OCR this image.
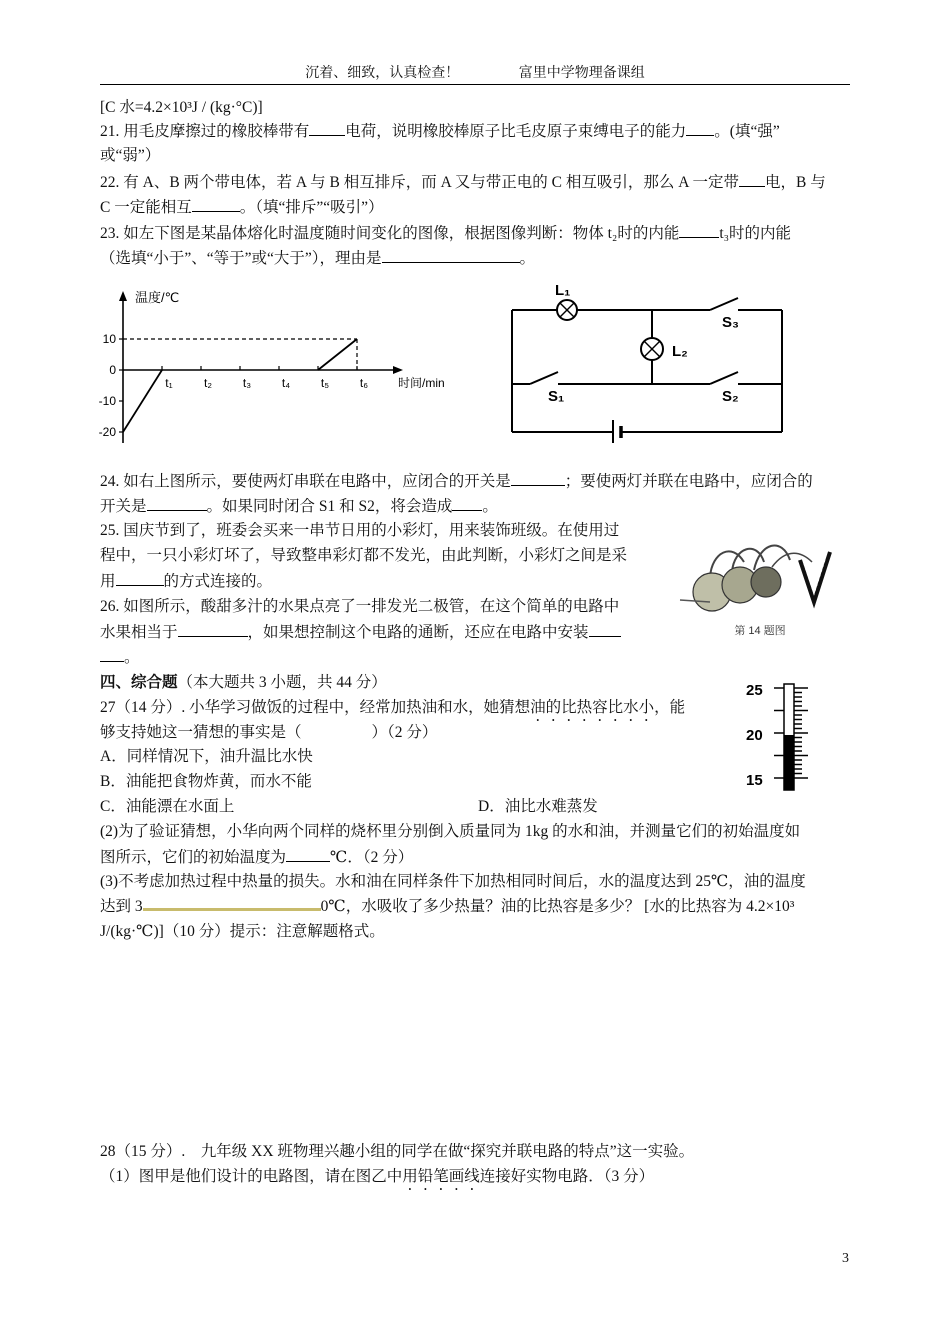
沉着、细致，认真检查！	富里中学物理备课组
[C 水=4.2×10³J / (kg·°C)]
21. 用毛皮摩擦过的橡胶棒带有 电荷，说明橡胶棒原子比毛皮原子束缚电子的能力 。(填“强”
或“弱”）
22. 有 A、B 两个带电体，若 A 与 B 相互排斥，而 A 又与带正电的 C 相互吸引，那么 A 一定带 电，B 与
C 一定能相互	。（填“排斥”“吸引”）
23. 如左下图是某晶体熔化时温度随时间变化的图像，根据图像判断：物体 t₂时的内能	t₃时的内能
（选填“小于”、“等于”或“大于”），理由是	。
温度/℃
时间/min
10
0
-10
-20
t₁	t₂	t₃	t₄	t₅	t₆
L₁
L₂
S₃
S₁	S₂
24. 如右上图所示，要使两灯串联在电路中，应闭合的开关是	；要使两灯并联在电路中，应闭合的
开关是	。如果同时闭合 S1 和 S2，将会造成 。
25. 国庆节到了，班委会买来一串节日用的小彩灯，用来装饰班级。在使用过
程中，一只小彩灯坏了，导致整串彩灯都不发光，由此判断，小彩灯之间是采
用	的方式连接的。
26. 如图所示，酸甜多汁的水果点亮了一排发光二极管，在这个简单的电路中
水果相当于	，如果想控制这个电路的通断，还应在电路中安装
。
第 14 题图
四、综合题（本大题共 3 小题，共 44 分）
27（14 分）. 小华学习做饭的过程中，经常加热油和水，她猜想油的比热容比水小，能
够支持她这一猜想的事实是（	）（2 分）
A．同样情况下，油升温比水快
B．油能把食物炸黄，而水不能
C．油能漂在水面上	D．油比水难蒸发
25
20
15
(2)为了验证猜想，小华向两个同样的烧杯里分别倒入质量同为 1kg 的水和油，并测量它们的初始温度如
图所示，它们的初始温度为	℃．（2 分）
(3)不考虑加热过程中热量的损失。水和油在同样条件下加热相同时间后，水的温度达到 25℃，油的温度
达到 3	0℃，水吸收了多少热量？油的比热容是多少？ [水的比热容为 4.2×10³
J/(kg·℃)]（10 分）提示：注意解题格式。
28（15 分）.　九年级 XX 班物理兴趣小组的同学在做“探究并联电路的特点”这一实验。
（1）图甲是他们设计的电路图，请在图乙中用铅笔画线连接好实物电路．（3 分）
3
